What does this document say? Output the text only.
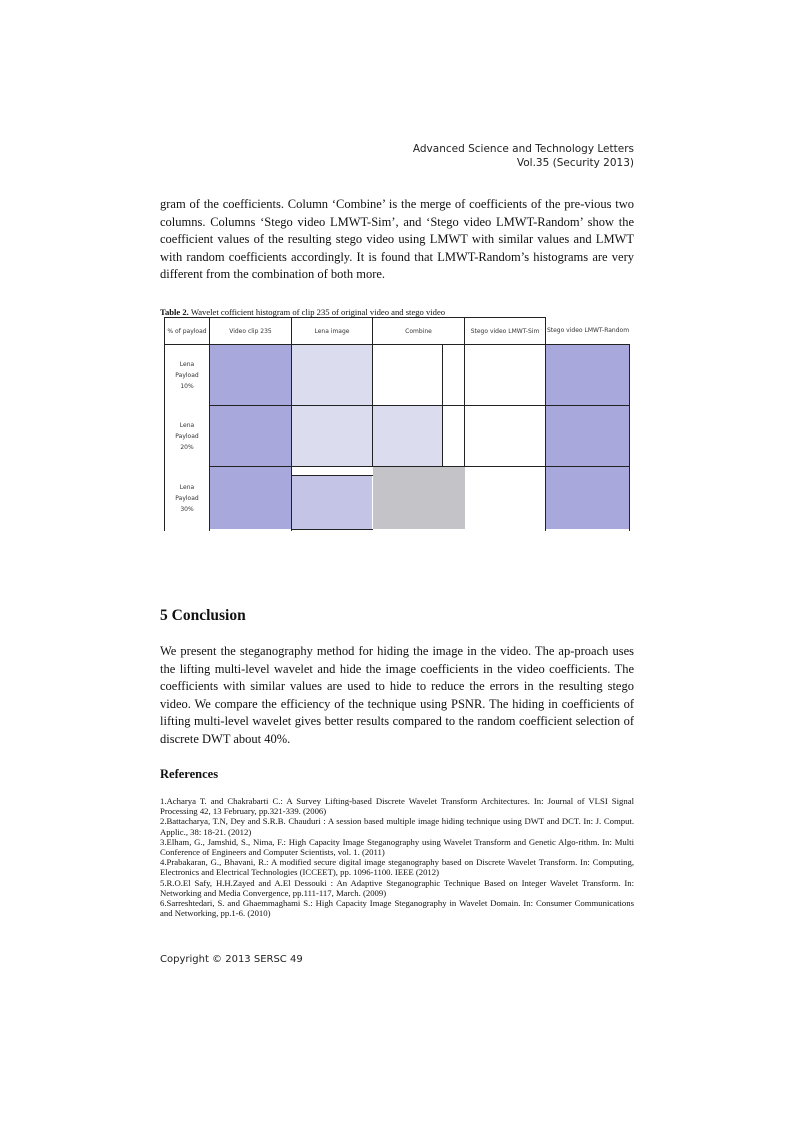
Advanced Science and Technology Letters
Vol.35 (Security 2013)

gram of the coefficients. Column ‘Combine’ is the merge of coefficients of the pre-vious two columns. Columns ‘Stego video LMWT-Sim’, and ‘Stego video LMWT-Random’ show the coefficient values of the resulting stego video using LMWT with similar values and LMWT with random coefficients accordingly. It is found that LMWT-Random’s histograms are very different from the combination of both more.

Table 2. Wavelet cofficient histogram of clip 235 of original video and stego video
% of payload	Video clip 235	Lena image	Combine	Stego video LMWT-Sim	Stego video LMWT-Random
Lena
Payload
10%
Lena
Payload
20%
Lena
Payload
30%
5 Conclusion

We present the steganography method for hiding the image in the video. The ap-proach uses the lifting multi-level wavelet and hide the image coefficients in the video coefficients. The coefficients with similar values are used to hide to reduce the errors in the resulting stego video. We compare the efficiency of the technique using PSNR. The hiding in coefficients of lifting multi-level wavelet gives better results compared to the random coefficient selection of discrete DWT about 40%.

References
1.Acharya T. and Chakrabarti C.: A Survey Lifting-based Discrete Wavelet Transform Architectures. In: Journal of VLSI Signal Processing 42, 13 February, pp.321-339. (2006)
2.Battacharya, T.N, Dey and S.R.B. Chauduri : A session based multiple image hiding technique using DWT and DCT. In: J. Comput. Applic., 38: 18-21. (2012)
3.Elham, G., Jamshid, S., Nima, F.: High Capacity Image Steganography using Wavelet Transform and Genetic Algo-rithm. In: Multi Conference of Engineers and Computer Scientists, vol. 1. (2011)
4.Prabakaran, G., Bhavani, R.: A modified secure digital image steganography based on Discrete Wavelet Transform. In: Computing, Electronics and Electrical Technologies (ICCEET), pp. 1096-1100. IEEE (2012)
5.R.O.El Safy, H.H.Zayed and A.El Dessouki : An Adaptive Steganographic Technique Based on Integer Wavelet Transform. In: Networking and Media Convergence, pp.111-117, March. (2009)
6.Sarreshtedari, S. and Ghaemmaghami S.: High Capacity Image Steganography in Wavelet Domain. In: Consumer Communications and Networking, pp.1-6. (2010)
Copyright © 2013 SERSC 49
